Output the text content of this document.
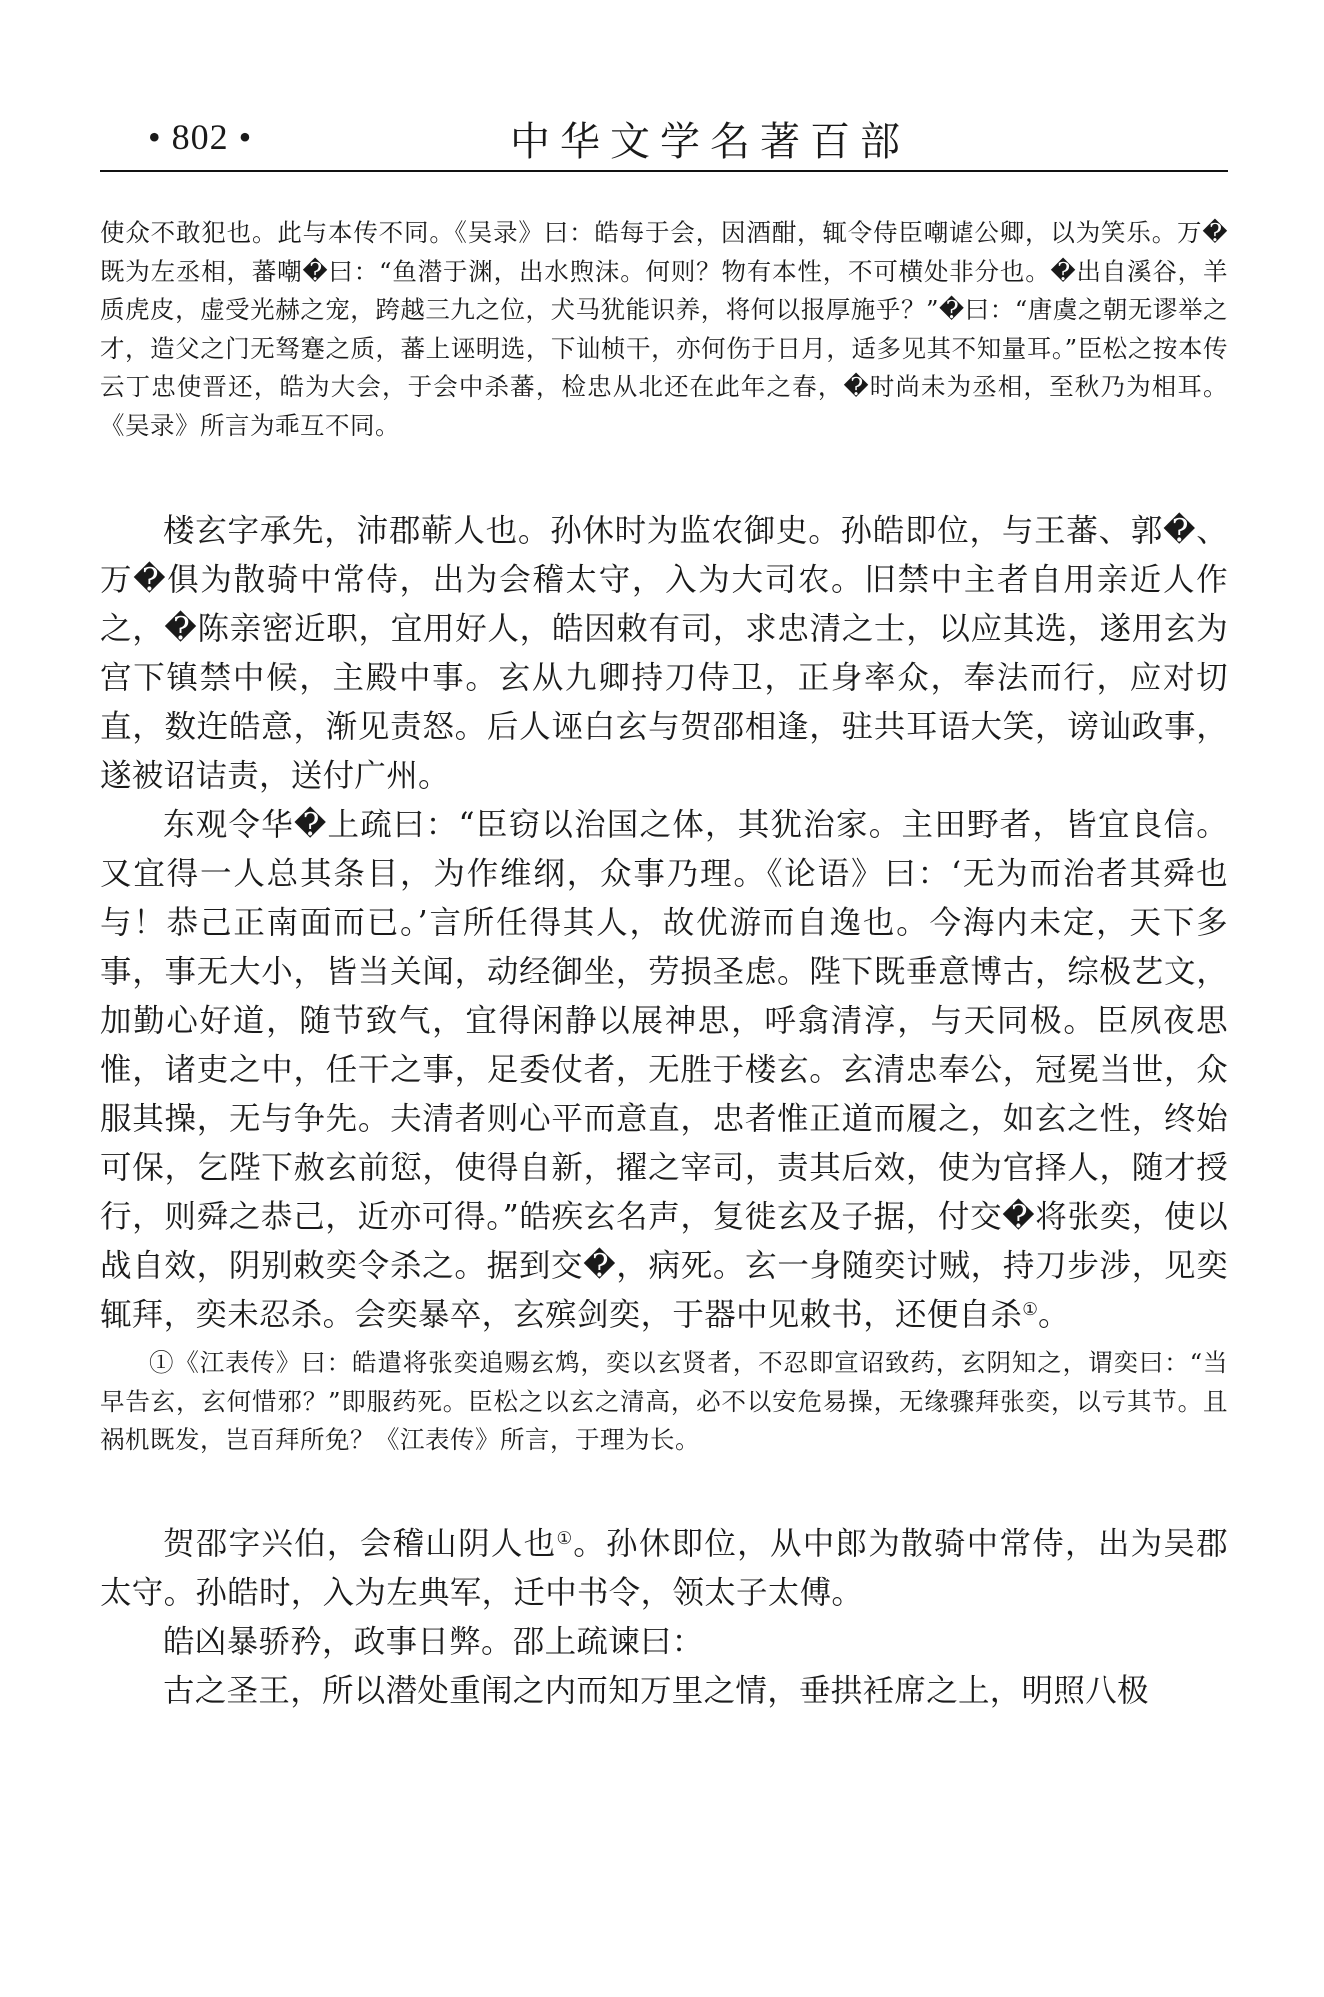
• 802 •	中华文学名著百部

使众不敢犯也。此与本传不同。《吴录》曰：皓每于会，因酒酣，辄令侍臣嘲谑公卿，以为笑乐。万�既为左丞相，蕃嘲�曰：“鱼潜于渊，出水煦沫。何则？物有本性，不可横处非分也。�出自溪谷，羊质虎皮，虚受光赫之宠，跨越三九之位，犬马犹能识养，将何以报厚施乎？”�曰：“唐虞之朝无谬举之才，造父之门无驽蹇之质，蕃上诬明选，下讪桢干，亦何伤于日月，适多见其不知量耳。”臣松之按本传云丁忠使晋还，皓为大会，于会中杀蕃，检忠从北还在此年之春，�时尚未为丞相，至秋乃为相耳。《吴录》所言为乖互不同。

楼玄字承先，沛郡蕲人也。孙休时为监农御史。孙皓即位，与王蕃、郭�、万�俱为散骑中常侍，出为会稽太守，入为大司农。旧禁中主者自用亲近人作之，�陈亲密近职，宜用好人，皓因敕有司，求忠清之士，以应其选，遂用玄为宫下镇禁中候，主殿中事。玄从九卿持刀侍卫，正身率众，奉法而行，应对切直，数迕皓意，渐见责怒。后人诬白玄与贺邵相逢，驻共耳语大笑，谤讪政事，遂被诏诘责，送付广州。

东观令华�上疏曰：“臣窃以治国之体，其犹治家。主田野者，皆宜良信。又宜得一人总其条目，为作维纲，众事乃理。《论语》曰：‘无为而治者其舜也与！恭己正南面而已。’言所任得其人，故优游而自逸也。今海内未定，天下多事，事无大小，皆当关闻，动经御坐，劳损圣虑。陛下既垂意博古，综极艺文，加勤心好道，随节致气，宜得闲静以展神思，呼翕清淳，与天同极。臣夙夜思惟，诸吏之中，任干之事，足委仗者，无胜于楼玄。玄清忠奉公，冠冕当世，众服其操，无与争先。夫清者则心平而意直，忠者惟正道而履之，如玄之性，终始可保，乞陛下赦玄前愆，使得自新，擢之宰司，责其后效，使为官择人，随才授行，则舜之恭己，近亦可得。”皓疾玄名声，复徙玄及子据，付交�将张奕，使以战自效，阴别敕奕令杀之。据到交�，病死。玄一身随奕讨贼，持刀步涉，见奕辄拜，奕未忍杀。会奕暴卒，玄殡剑奕，于器中见敕书，还便自杀①。

①《江表传》曰：皓遣将张奕追赐玄鸩，奕以玄贤者，不忍即宣诏致药，玄阴知之，谓奕曰：“当早告玄，玄何惜邪？”即服药死。臣松之以玄之清高，必不以安危易操，无缘骤拜张奕，以亏其节。且祸机既发，岂百拜所免？《江表传》所言，于理为长。

贺邵字兴伯，会稽山阴人也①。孙休即位，从中郎为散骑中常侍，出为吴郡太守。孙皓时，入为左典军，迁中书令，领太子太傅。

皓凶暴骄矜，政事日弊。邵上疏谏曰：

古之圣王，所以潜处重闱之内而知万里之情，垂拱衽席之上，明照八极
